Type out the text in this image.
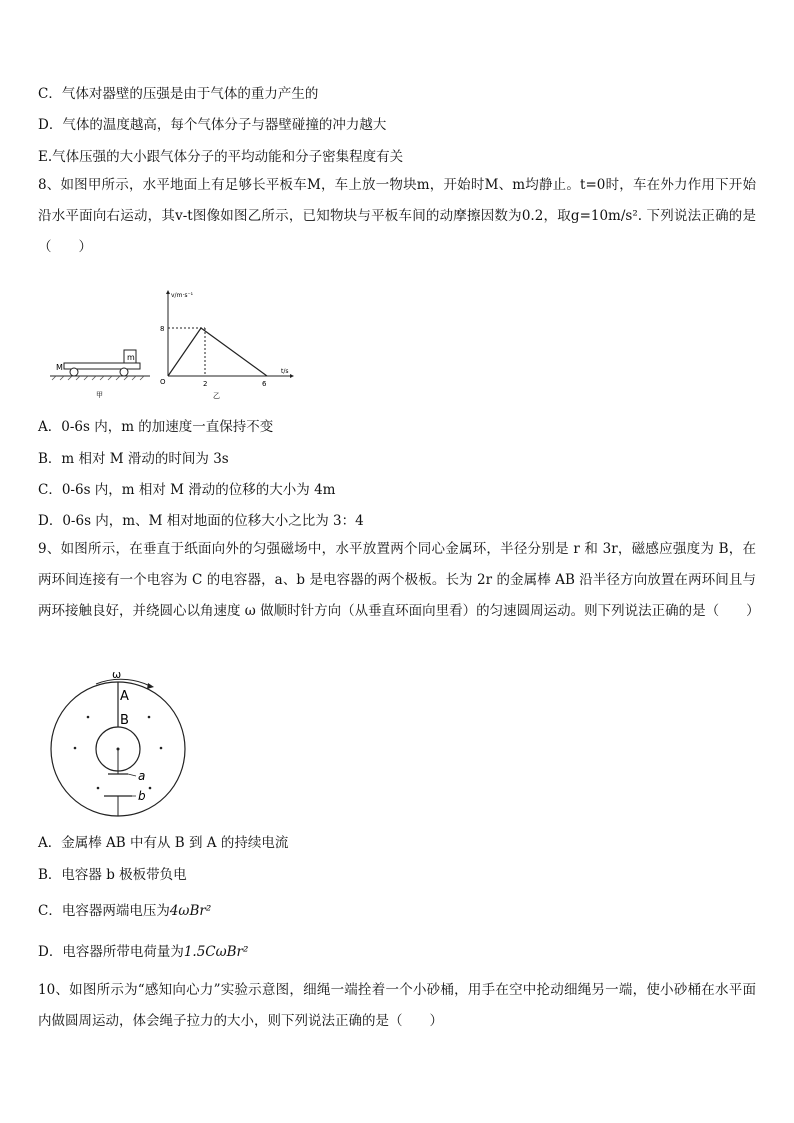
C．气体对器壁的压强是由于气体的重力产生的
D．气体的温度越高，每个气体分子与器壁碰撞的冲力越大
E.气体压强的大小跟气体分子的平均动能和分子密集程度有关
8、如图甲所示，水平地面上有足够长平板车M，车上放一物块m，开始时M、m均静止。t=0时，车在外力作用下开始沿水平面向右运动，其v-t图像如图乙所示，已知物块与平板车间的动摩擦因数为0.2，取g=10m/s². 下列说法正确的是（　　）
M
m
甲
v/m·s⁻¹
t/s
O
8
2	6
乙
A．0-6s 内，m 的加速度一直保持不变
B．m 相对 M 滑动的时间为 3s
C．0-6s 内，m 相对 M 滑动的位移的大小为 4m
D．0-6s 内，m、M 相对地面的位移大小之比为 3：4
9、如图所示，在垂直于纸面向外的匀强磁场中，水平放置两个同心金属环，半径分别是 r 和 3r，磁感应强度为 B，在两环间连接有一个电容为 C 的电容器，a、b 是电容器的两个极板。长为 2r 的金属棒 AB 沿半径方向放置在两环间且与两环接触良好，并绕圆心以角速度 ω 做顺时针方向（从垂直环面向里看）的匀速圆周运动。则下列说法正确的是（　　）
ω
A
B
a
b
A．金属棒 AB 中有从 B 到 A 的持续电流
B．电容器 b 极板带负电
C．电容器两端电压为4ωBr²
D．电容器所带电荷量为1.5CωBr²
10、如图所示为“感知向心力”实验示意图，细绳一端拴着一个小砂桶，用手在空中抡动细绳另一端，使小砂桶在水平面内做圆周运动，体会绳子拉力的大小，则下列说法正确的是（　　）
